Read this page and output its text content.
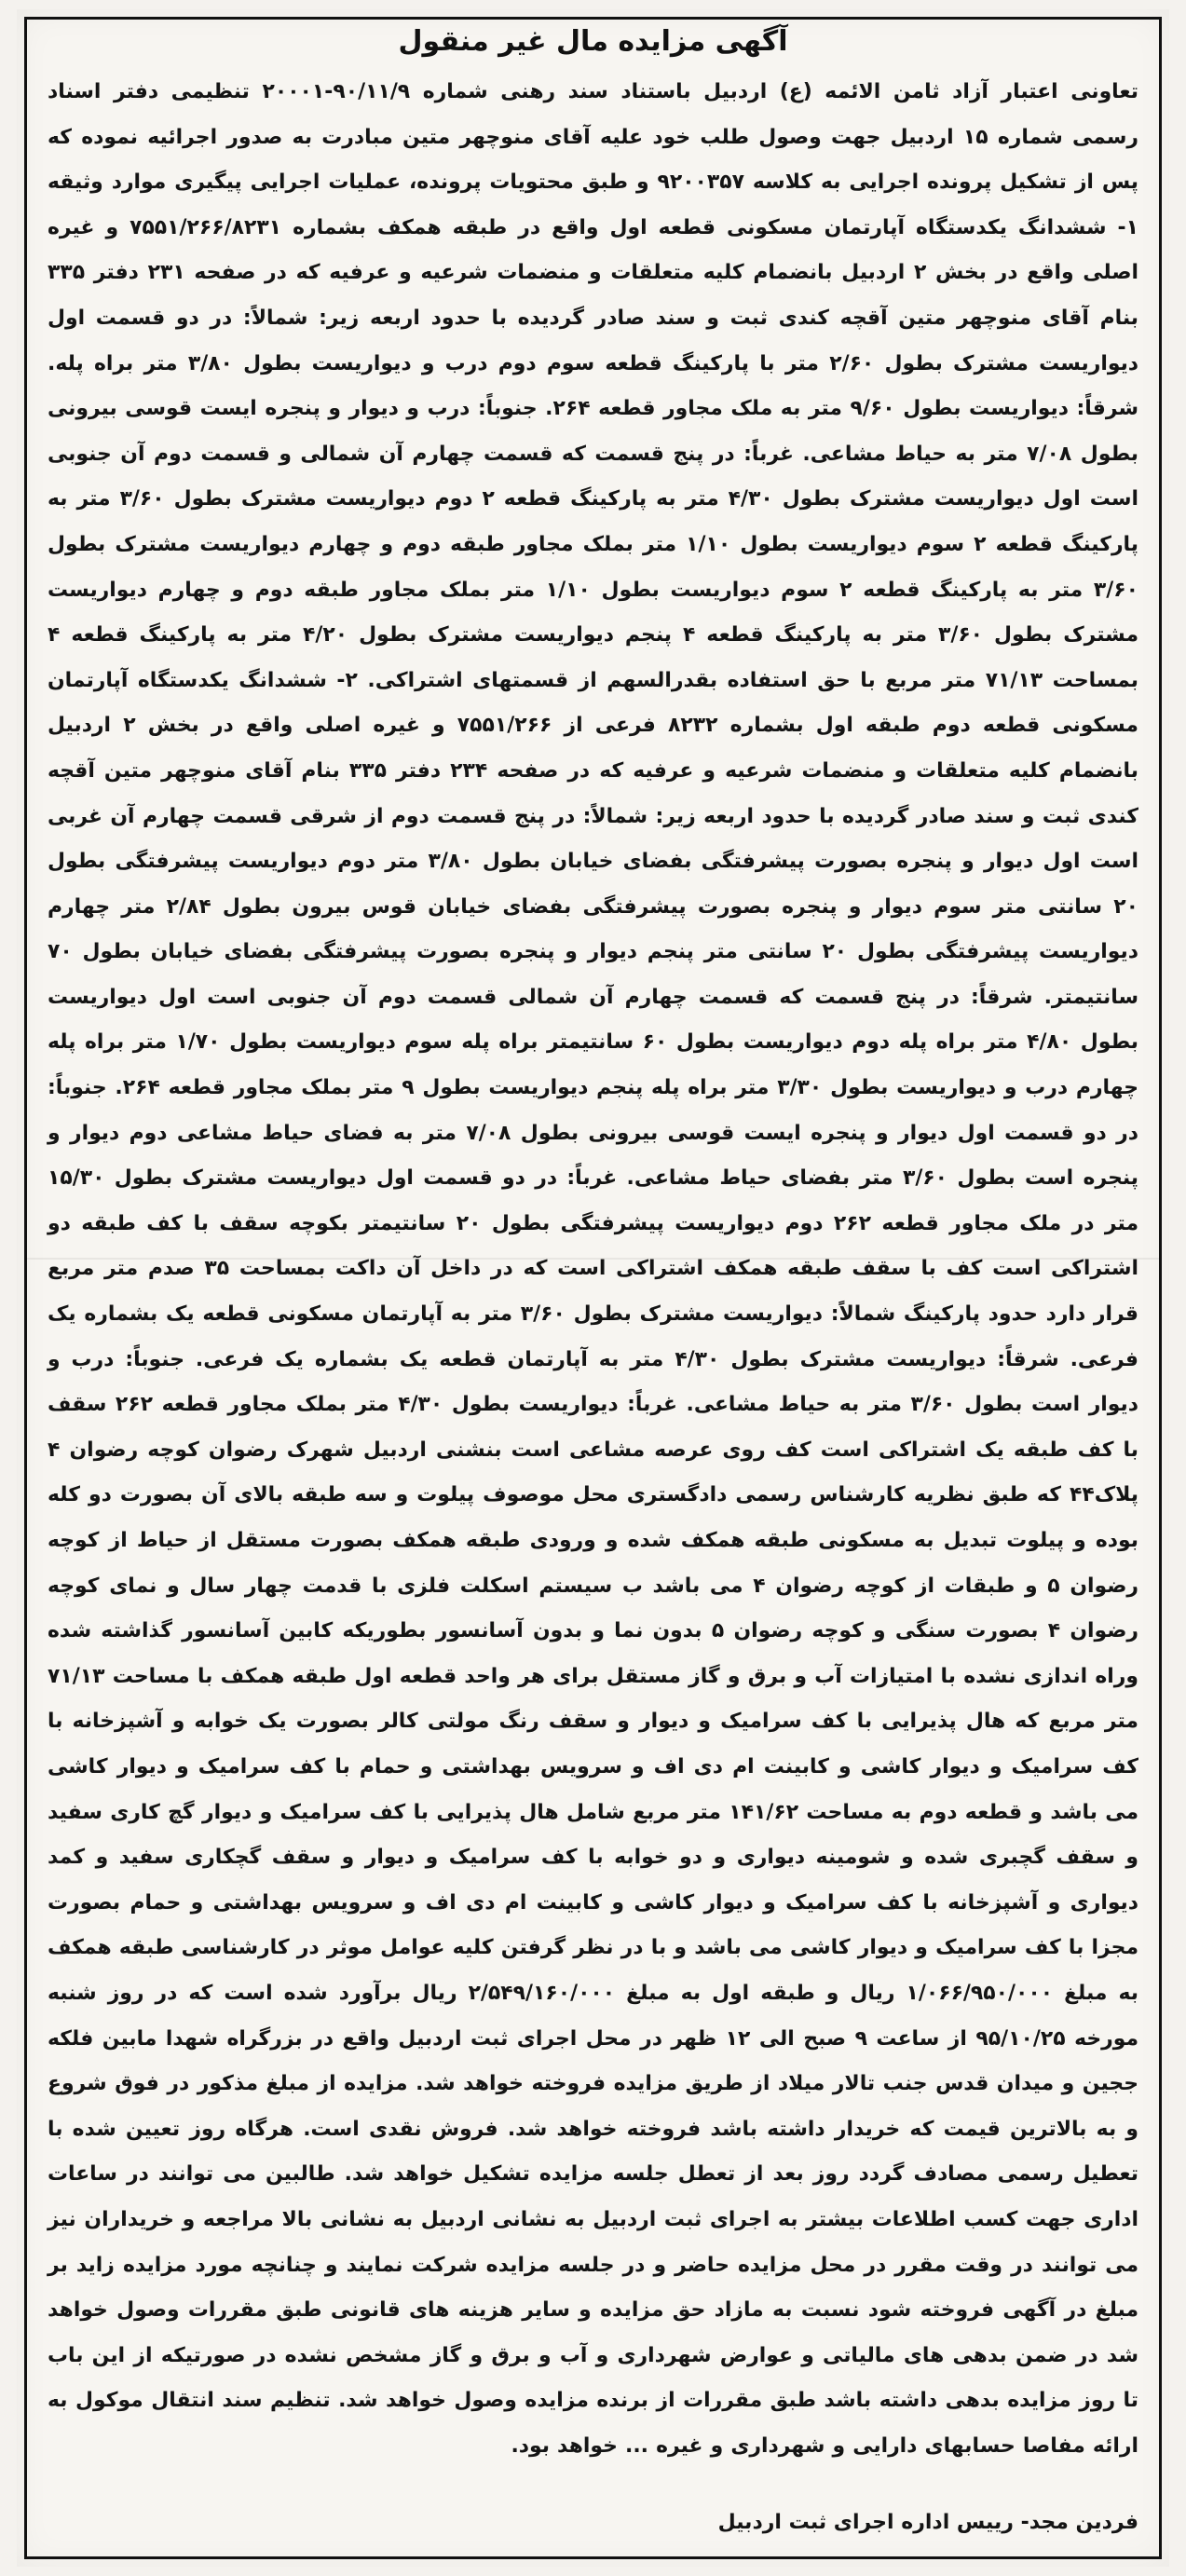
آگهی مزایده مال غیر منقول
تعاونی اعتبار آزاد ثامن الائمه (ع) اردبیل باستناد سند رهنی شماره ۹۰/۱۱/۹-۲۰۰۰۱ تنظیمی دفتر اسناد رسمی شماره ۱۵ اردبیل جهت وصول طلب خود علیه آقای منوچهر متین مبادرت به صدور اجرائیه نموده که پس از تشکیل پرونده اجرایی به کلاسه ۹۲۰۰۳۵۷ و طبق محتویات پرونده، عملیات اجرایی پیگیری موارد وثیقه ۱- ششدانگ یکدستگاه آپارتمان مسکونی قطعه اول واقع در طبقه همکف بشماره ۷۵۵۱/۲۶۶/۸۲۳۱ و غیره اصلی واقع در بخش ۲ اردبیل بانضمام کلیه متعلقات و منضمات شرعیه و عرفیه که در صفحه ۲۳۱ دفتر ۳۳۵ بنام آقای منوچهر متین آقچه کندی ثبت و سند صادر گردیده با حدود اربعه زیر: شمالاً: در دو قسمت اول دیواریست مشترک بطول ۲/۶۰ متر با پارکینگ قطعه سوم دوم درب و دیواریست بطول ۳/۸۰ متر براه پله. شرقاً: دیواریست بطول ۹/۶۰ متر به ملک مجاور قطعه ۲۶۴. جنوباً: درب و دیوار و پنجره ایست قوسی بیرونی بطول ۷/۰۸ متر به حیاط مشاعی. غرباً: در پنج قسمت که قسمت چهارم آن شمالی و قسمت دوم آن جنوبی است اول دیواریست مشترک بطول ۴/۳۰ متر به پارکینگ قطعه ۲ دوم دیواریست مشترک بطول ۳/۶۰ متر به پارکینگ قطعه ۲ سوم دیواریست بطول ۱/۱۰ متر بملک مجاور طبقه دوم و چهارم دیواریست مشترک بطول ۳/۶۰ متر به پارکینگ قطعه ۲ سوم دیواریست بطول ۱/۱۰ متر بملک مجاور طبقه دوم و چهارم دیواریست مشترک بطول ۳/۶۰ متر به پارکینگ قطعه ۴ پنجم دیواریست مشترک بطول ۴/۲۰ متر به پارکینگ قطعه ۴ بمساحت ۷۱/۱۳ متر مربع با حق استفاده بقدرالسهم از قسمتهای اشتراکی. ۲- ششدانگ یکدستگاه آپارتمان مسکونی قطعه دوم طبقه اول بشماره ۸۲۳۲ فرعی از ۷۵۵۱/۲۶۶ و غیره اصلی واقع در بخش ۲ اردبیل بانضمام کلیه متعلقات و منضمات شرعیه و عرفیه که در صفحه ۲۳۴ دفتر ۳۳۵ بنام آقای منوچهر متین آقچه کندی ثبت و سند صادر گردیده با حدود اربعه زیر: شمالاً: در پنج قسمت دوم از شرقی قسمت چهارم آن غربی است اول دیوار و پنجره بصورت پیشرفتگی بفضای خیابان بطول ۳/۸۰ متر دوم دیواریست پیشرفتگی بطول ۲۰ سانتی متر سوم دیوار و پنجره بصورت پیشرفتگی بفضای خیابان قوس بیرون بطول ۲/۸۴ متر چهارم دیواریست پیشرفتگی بطول ۲۰ سانتی متر پنجم دیوار و پنجره بصورت پیشرفتگی بفضای خیابان بطول ۷۰ سانتیمتر. شرقاً: در پنج قسمت که قسمت چهارم آن شمالی قسمت دوم آن جنوبی است اول دیواریست بطول ۴/۸۰ متر براه پله دوم دیواریست بطول ۶۰ سانتیمتر براه پله سوم دیواریست بطول ۱/۷۰ متر براه پله چهارم درب و دیواریست بطول ۳/۳۰ متر براه پله پنجم دیواریست بطول ۹ متر بملک مجاور قطعه ۲۶۴. جنوباً: در دو قسمت اول دیوار و پنجره ایست قوسی بیرونی بطول ۷/۰۸ متر به فضای حیاط مشاعی دوم دیوار و پنجره است بطول ۳/۶۰ متر بفضای حیاط مشاعی. غرباً: در دو قسمت اول دیواریست مشترک بطول ۱۵/۳۰ متر در ملک مجاور قطعه ۲۶۲ دوم دیواریست پیشرفتگی بطول ۲۰ سانتیمتر بکوچه سقف با کف طبقه دو اشتراکی است کف با سقف طبقه همکف اشتراکی است که در داخل آن داکت بمساحت ۳۵ صدم متر مربع قرار دارد حدود پارکینگ شمالاً: دیواریست مشترک بطول ۳/۶۰ متر به آپارتمان مسکونی قطعه یک بشماره یک فرعی. شرقاً: دیواریست مشترک بطول ۴/۳۰ متر به آپارتمان قطعه یک بشماره یک فرعی. جنوباً: درب و دیوار است بطول ۳/۶۰ متر به حیاط مشاعی. غرباً: دیواریست بطول ۴/۳۰ متر بملک مجاور قطعه ۲۶۲ سقف با کف طبقه یک اشتراکی است کف روی عرصه مشاعی است بنشنی اردبیل شهرک رضوان کوچه رضوان ۴ پلاک۴۴ که طبق نظریه کارشناس رسمی دادگستری محل موصوف پیلوت و سه طبقه بالای آن بصورت دو کله بوده و پیلوت تبدیل به مسکونی طبقه همکف شده و ورودی طبقه همکف بصورت مستقل از حیاط از کوچه رضوان ۵ و طبقات از کوچه رضوان ۴ می باشد ب سیستم اسکلت فلزی با قدمت چهار سال و نمای کوچه رضوان ۴ بصورت سنگی و کوچه رضوان ۵ بدون نما و بدون آسانسور بطوریکه کابین آسانسور گذاشته شده وراه اندازی نشده با امتیازات آب و برق و گاز مستقل برای هر واحد قطعه اول طبقه همکف با مساحت ۷۱/۱۳ متر مربع که هال پذیرایی با کف سرامیک و دیوار و سقف رنگ مولتی کالر بصورت یک خوابه و آشپزخانه با کف سرامیک و دیوار کاشی و کابینت ام دی اف و سرویس بهداشتی و حمام با کف سرامیک و دیوار کاشی می باشد و قطعه دوم به مساحت ۱۴۱/۶۲ متر مربع شامل هال پذیرایی با کف سرامیک و دیوار گچ کاری سفید و سقف گچبری شده و شومینه دیواری و دو خوابه با کف سرامیک و دیوار و سقف گچکاری سفید و کمد دیواری و آشپزخانه با کف سرامیک و دیوار کاشی و کابینت ام دی اف و سرویس بهداشتی و حمام بصورت مجزا با کف سرامیک و دیوار کاشی می باشد و با در نظر گرفتن کلیه عوامل موثر در کارشناسی طبقه همکف به مبلغ ۱/۰۶۶/۹۵۰/۰۰۰ ریال و طبقه اول به مبلغ ۲/۵۴۹/۱۶۰/۰۰۰ ریال برآورد شده است که در روز شنبه مورخه ۹۵/۱۰/۲۵ از ساعت ۹ صبح الی ۱۲ ظهر در محل اجرای ثبت اردبیل واقع در بزرگراه شهدا مابین فلکه ججین و میدان قدس جنب تالار میلاد از طریق مزایده فروخته خواهد شد. مزایده از مبلغ مذکور در فوق شروع و به بالاترین قیمت که خریدار داشته باشد فروخته خواهد شد. فروش نقدی است. هرگاه روز تعیین شده با تعطیل رسمی مصادف گردد روز بعد از تعطل جلسه مزایده تشکیل خواهد شد. طالبین می توانند در ساعات اداری جهت کسب اطلاعات بیشتر به اجرای ثبت اردبیل به نشانی اردبیل به نشانی بالا مراجعه و خریداران نیز می توانند در وقت مقرر در محل مزایده حاضر و در جلسه مزایده شرکت نمایند و چنانچه مورد مزایده زاید بر مبلغ در آگهی فروخته شود نسبت به مازاد حق مزایده و سایر هزینه های قانونی طبق مقررات وصول خواهد شد در ضمن بدهی های مالیاتی و عوارض شهرداری و آب و برق و گاز مشخص نشده در صورتیکه از این باب تا روز مزایده بدهی داشته باشد طبق مقررات از برنده مزایده وصول خواهد شد. تنظیم سند انتقال موکول به ارائه مفاصا حسابهای دارایی و شهرداری و غیره ... خواهد بود.
فردین مجد- رییس اداره اجرای ثبت اردبیل
